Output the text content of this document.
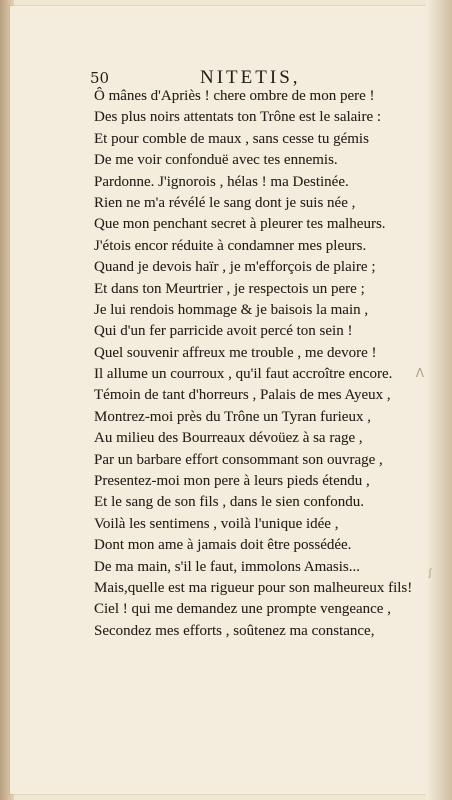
50	NITETIS,
Ô mânes d'Apriès ! chere ombre de mon pere !
Des plus noirs attentats ton Trône est le salaire :
Et pour comble de maux , sans cesse tu gémis
De me voir confonduë avec tes ennemis.
Pardonne. J'ignorois , hélas ! ma Destinée.
Rien ne m'a révélé le sang dont je suis née ,
Que mon penchant secret à pleurer tes malheurs.
J'étois encor réduite à condamner mes pleurs.
Quand je devois haïr , je m'efforçois de plaire ;
Et dans ton Meurtrier , je respectois un pere ;
Je lui rendois hommage & je baisois la main ,
Qui d'un fer parricide avoit percé ton sein !
Quel souvenir affreux me trouble , me devore !
Il allume un courroux , qu'il faut accroître encore.
Témoin de tant d'horreurs , Palais de mes Ayeux ,
Montrez-moi près du Trône un Tyran furieux ,
Au milieu des Bourreaux dévoüez à sa rage ,
Par un barbare effort consommant son ouvrage ,
Presentez-moi mon pere à leurs pieds étendu ,
Et le sang de son fils , dans le sien confondu.
Voilà les sentimens , voilà l'unique idée ,
Dont mon ame à jamais doit être possédée.
De ma main, s'il le faut, immolons Amasis...
Mais,quelle est ma rigueur pour son malheureux fils!
Ciel ! qui me demandez une prompte vengeance ,
Secondez mes efforts , soûtenez ma constance,
Λ
ʃ
